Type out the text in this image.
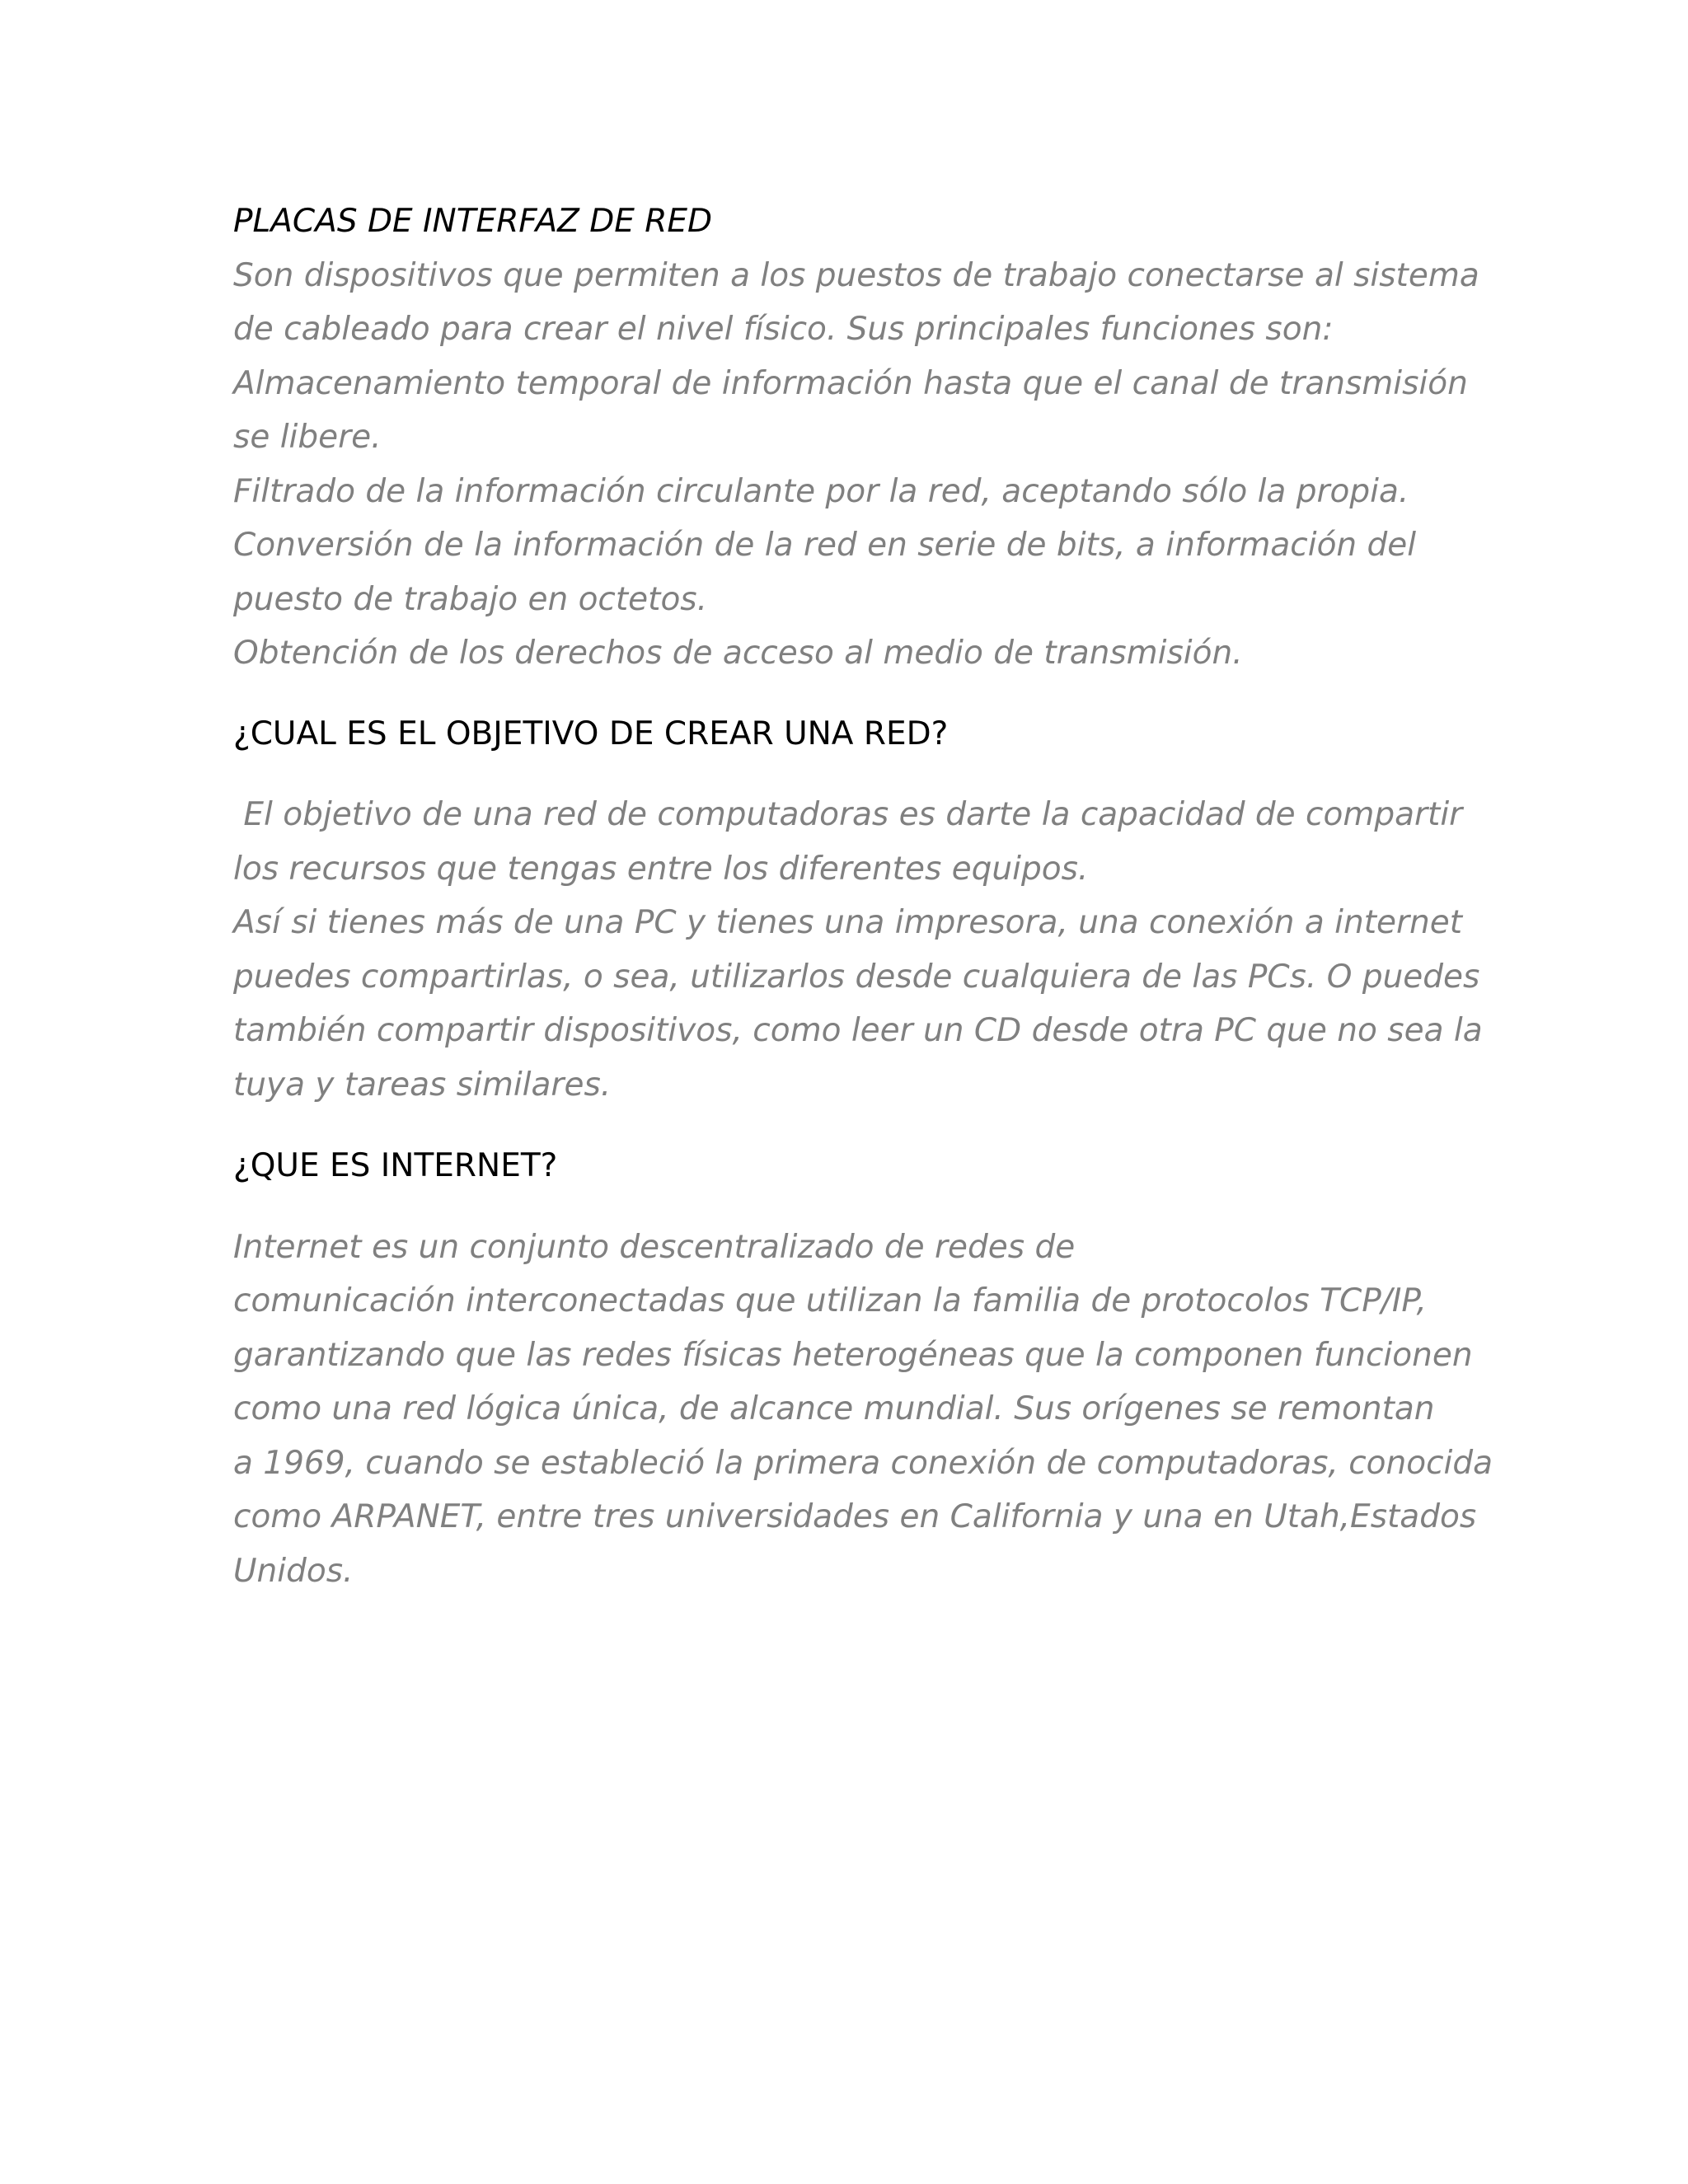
PLACAS DE INTERFAZ DE RED
Son dispositivos que permiten a los puestos de trabajo conectarse al sistema
de cableado para crear el nivel físico. Sus principales funciones son:
Almacenamiento temporal de información hasta que el canal de transmisión
se libere.
Filtrado de la información circulante por la red, aceptando sólo la propia.
Conversión de la información de la red en serie de bits, a información del
puesto de trabajo en octetos.
Obtención de los derechos de acceso al medio de transmisión.
¿CUAL ES EL OBJETIVO DE CREAR UNA RED?
El objetivo de una red de computadoras es darte la capacidad de compartir
los recursos que tengas entre los diferentes equipos.
Así si tienes más de una PC y tienes una impresora, una conexión a internet
puedes compartirlas, o sea, utilizarlos desde cualquiera de las PCs. O puedes
también compartir dispositivos, como leer un CD desde otra PC que no sea la
tuya y tareas similares.
¿QUE ES INTERNET?
Internet es un conjunto descentralizado de redes de
comunicación interconectadas que utilizan la familia de protocolos TCP/IP,
garantizando que las redes físicas heterogéneas que la componen funcionen
como una red lógica única, de alcance mundial. Sus orígenes se remontan
a 1969, cuando se estableció la primera conexión de computadoras, conocida
como ARPANET, entre tres universidades en California y una en Utah,Estados
Unidos.
